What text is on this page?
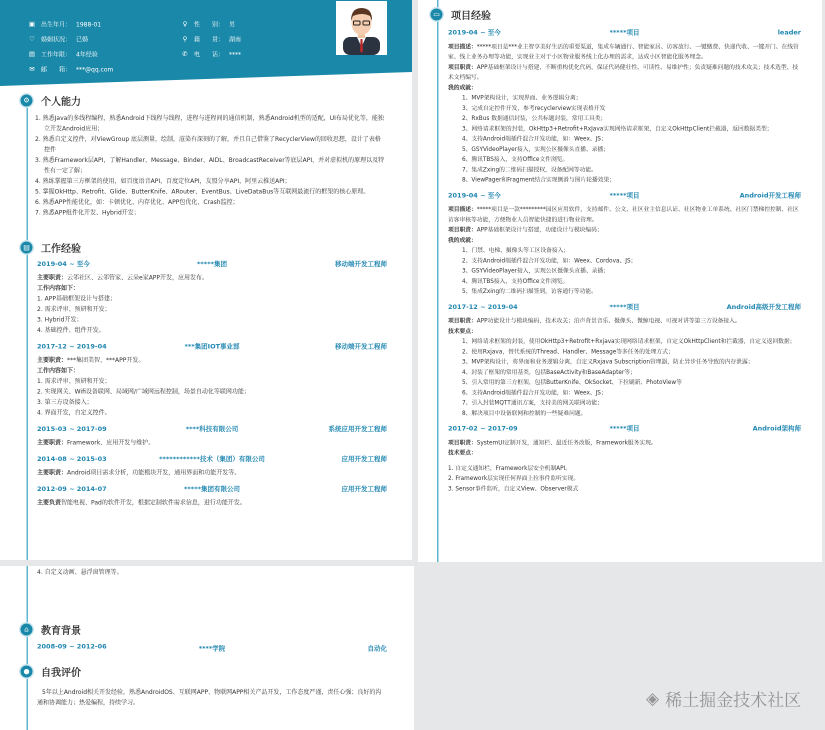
▣ 出生年月： 1988-01
♡ 婚姻状况： 已婚
▤ 工作年限： 4年经验
✉ 邮　　箱： ***@qq.com
♀ 性　　别： 男
⚲ 籍　　贯： 湖南
✆ 电　　话： ****
⚙ 个人能力
1. 熟悉Java的多线程编程，熟悉Android下线程与线程，进程与进程间的通信机制，熟悉Android机型的适配，UI布局优化等，能独立开发Android应用；
2. 熟悉自定义控件，对ViewGroup 底层测量，绘制，渲染有深刻的了解，并且自己借鉴了RecyclerView的回收思想，设计了表格控件
3. 熟悉Framework层API，了解Handler、Message、Binder、AIDL、BroadcastReceiver等底层API，并对虚拟机的原理以及特性有一定了解；
4. 熟练掌握第三方框架的使用，如百度语音API，百度定位API，友盟分享API，阿里云推送API；
5. 掌握OkHttp、Retrofit、Glide、ButterKnife、ARouter、EventBus、LiveDataBus等互联网最流行的框架的核心原理。
6. 熟悉APP性能优化，如：卡顿优化、内存优化、APP包优化、Crash监控；
7. 熟悉APP组件化开发、Hybrid开发；
▤ 工作经验
2019-04 ~ 至今	*****集团	移动端开发工程师
主要职责：云邻社区、云邻管家、云朵e家APP开发，应用发布。
工作内容如下：
1. APP基础框架设计与搭建；
2. 需求评审、预研和开发；
3. Hybrid开发；
4. 基础控件、组件开发。
2017-12 ~ 2019-04	***集团IOT事业部	移动端开发工程师
主要职责：***集团美智、***APP开发。
工作内容如下：
1. 需求评审、预研和开发；
2. 实现网关、Wifi设备联网、局域网/广域网远程控制，场景自动化等联网功能；
3. 第三方设备接入；
4. 界面开发，自定义控件。
2015-03 ~ 2017-09	****科技有限公司	系统应用开发工程师
主要职责：Framework、应用开发与维护。
2014-08 ~ 2015-03	************技术（集团）有限公司	应用开发工程师
主要职责：Android项目需求分析，功能模块开发，通用界面和功能开发等。
2012-09 ~ 2014-07	*****集团有限公司	应用开发工程师
主要负责智能电视、Pad的软件开发，根据定制软件需求信息，进行功能开发。
▭ 项目经验
2019-04 ~ 至今	*****项目	leader
项目描述：*****项目是***业主智享美好生活的重要渠道，集成车辆通行、智能家居、访客放行、一键缴费、快递代收、一键开门、在线管家、线上业务办理等功能，实现业主对于小区物业服务线上化办理的需求，达成小区智能化服务理念。
项目职责：APP基础框架设计与搭建，不断重构优化代码，保证代码健壮性、可读性、易维护性；负责疑难问题的技术攻关；技术选型、技术文档编写。
我的成就：
1、MVP架构设计，实现界面、业务逻辑分离；
3、完成自定控件开发，参考recyclerview实现表格开发
2、RxBus 数据通信封装，公共标题封装，常用工具类；
3、网络请求框架的封装，OkHttp3+Retrofit+RxJava实现网络请求框架，自定义OkHttpClient拦截器，返回数据类型；
4、支持Android端插件混合开发功能，如：Weex、JS；
5、GSYVideoPlayer接入，实现公区摄像头直播、录播；
6、腾讯TBS接入，支持Office文件浏览。
7、集成Zxing的二维码扫描授权，设备配网等功能。
8、ViewPager和Fragment结合实现侧滑与图片轮播效果；
2019-04 ~ 至今	*****项目	Android开发工程师
项目描述：*****项目是一款*********园区应用软件，支持邮件、公文、社区业主信息认证、社区物业工单系统、社区门禁梯控控制、社区访客审核等功能，方便物业人员智能快捷的进行物业管理。
项目职责：APP基础框架设计与搭建，功能设计与模块编码；
我的成就：
1、门禁、电梯、摄像头等工区设备接入；
2、支持Android端插件混合开发功能，如：Weex、Cordova、JS；
3、GSYVideoPlayer接入，实现公区摄像头直播、录播；
4、腾讯TBS接入，支持Office文件浏览。
5、集成Zxing的二维码扫描签到，访客通行等功能。
2017-12 ~ 2019-04	*****项目	Android高级开发工程师
项目职责：APP功能设计与模块编码，技术攻关；泊声背景音乐、摄像头、微鲸电视、可视对讲等第三方设备接入。
技术要点：
1、网络请求框架的封装，使用OkHttp3+Retrofit+Rxjava实现网络请求框架，自定义OkHttpClient和拦截器，自定义返回数据；
2、使用Rxjava，替代系统的Thread、Handler、Message等多任务的处理方式；
3、MVP架构设计，将界面和业务逻辑分离，自定义Rxjava Subscription管理器，防止异步任务导致的内存泄露；
4、封装了框架的常用基类，包括BaseActivity和BaseAdapter等；
5、引入常用的第三方框架，包括ButterKnife、OkSocket、下拉刷新、PhotoView等
6、支持Android端插件混合开发功能，如：Weex、JS；
7、引入封装MQTT通讯方案，支持美的网关联网功能；
8、解决项目中设备联网和控制的一些疑难问题。
2017-02 ~ 2017-09	*****项目	Android架构师
项目职责：SystemUI定制开发，通知栏、最近任务改版，Framework服务实现。
技术要点：
1. 自定义通知栏，Framework层安全机制API。
2. Framework层实现任何界面上拉事件监听实现。
3. Sensor事件监听，自定义View、Observer模式
4. 自定义动画、悬浮窗管理等。
⌂ 教育背景
2008-09 ~ 2012-06	****学院	自动化
● 自我评价
5年以上Android相关开发经验，熟悉AndroidOS、互联网APP、物联网APP相关产品开发，工作态度严谨，责任心强；良好的沟通和协调能力；热爱编程，持续学习。	◈ 稀土掘金技术社区
